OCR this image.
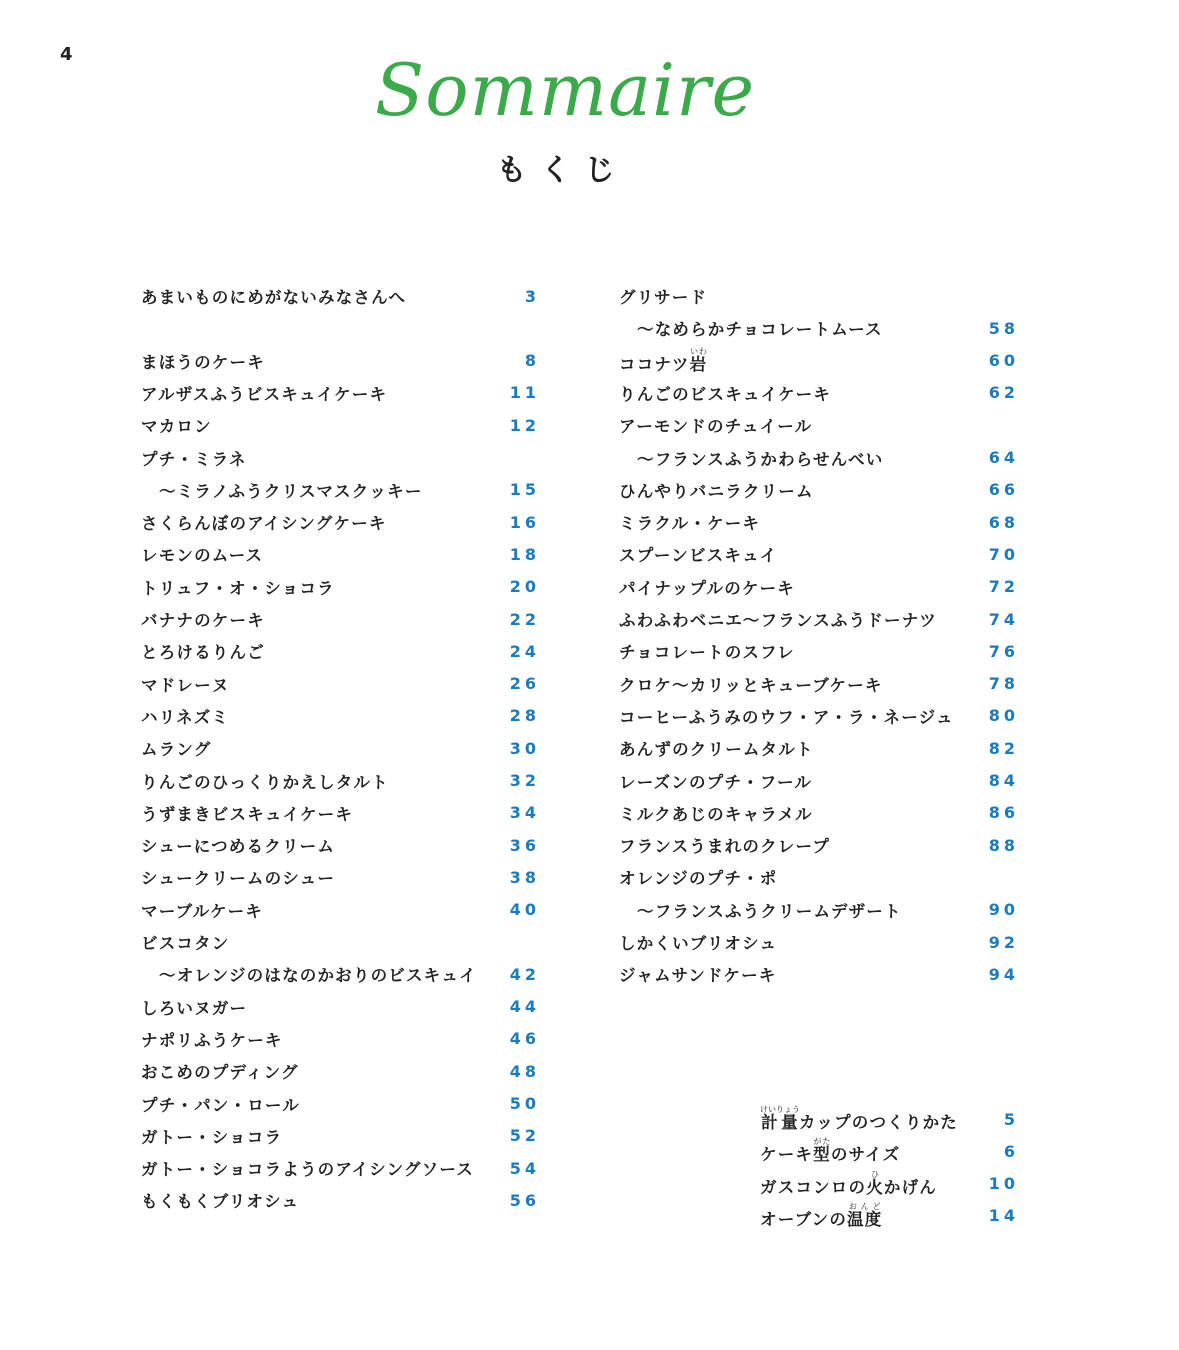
4	Sommaire
もくじ
あまいものにめがないみなさんへ	3
まほうのケーキ	8
アルザスふうビスキュイケーキ	11
マカロン	12
プチ・ミラネ
〜ミラノふうクリスマスクッキー	15
さくらんぼのアイシングケーキ	16
レモンのムース	18
トリュフ・オ・ショコラ	20
バナナのケーキ	22
とろけるりんご	24
マドレーヌ	26
ハリネズミ	28
ムラング	30
りんごのひっくりかえしタルト	32
うずまきビスキュイケーキ	34
シューにつめるクリーム	36
シュークリームのシュー	38
マーブルケーキ	40
ビスコタン
〜オレンジのはなのかおりのビスキュイ 42
しろいヌガー	44
ナポリふうケーキ	46
おこめのプディング	48
プチ・パン・ロール	50
ガトー・ショコラ	52
ガトー・ショコラようのアイシングソース 54
もくもくブリオシュ	56
グリサード
〜なめらかチョコレートムース	58
ココナツ岩いわ	60
りんごのビスキュイケーキ	62
アーモンドのチュイール
〜フランスふうかわらせんべい	64
ひんやりバニラクリーム	66
ミラクル・ケーキ	68
スプーンビスキュイ	70
パイナップルのケーキ	72
ふわふわベニエ〜フランスふうドーナツ	74
チョコレートのスフレ	76
クロケ〜カリッとキューブケーキ	78
コーヒーふうみのウフ・ア・ラ・ネージュ 80
あんずのクリームタルト	82
レーズンのプチ・フール	84
ミルクあじのキャラメル	86
フランスうまれのクレープ	88
オレンジのプチ・ポ
〜フランスふうクリームデザート	90
しかくいブリオシュ	92
ジャムサンドケーキ	94
計量けいりょうカップのつくりかた	5
ケーキ型がたのサイズ	6
ガスコンロの火ひかげん	10
オーブンの温度おんど	14
